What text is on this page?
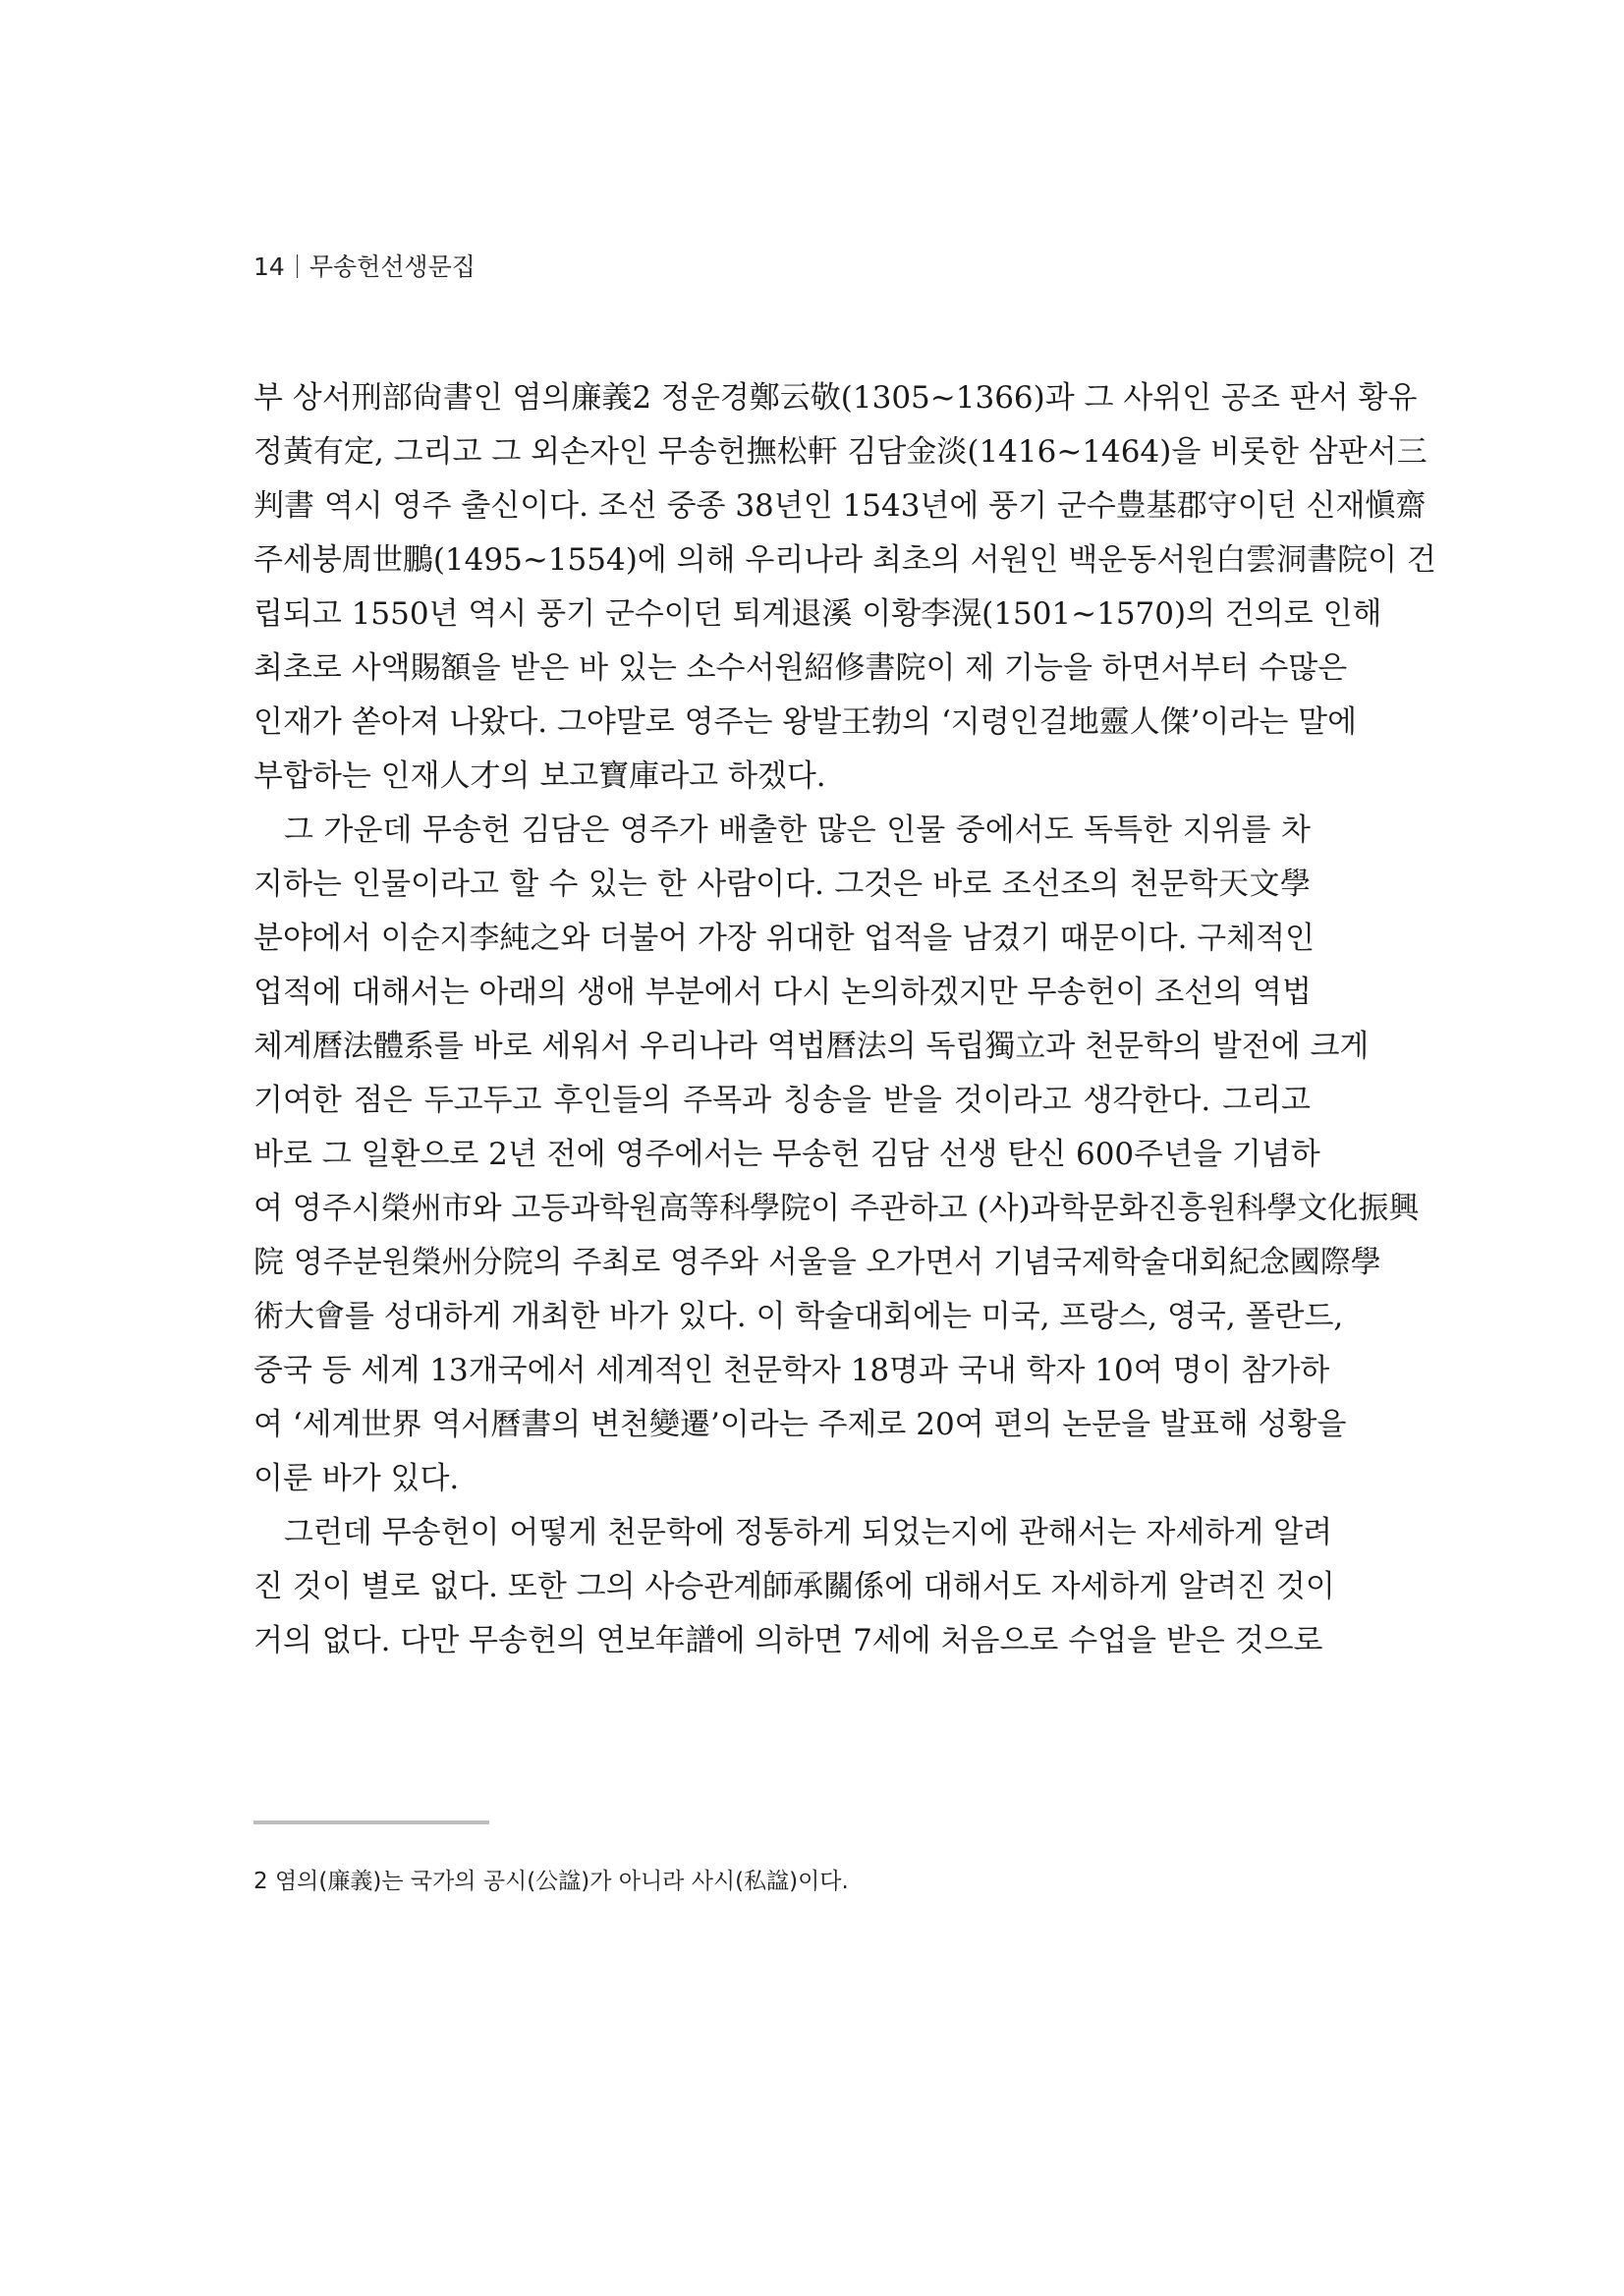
14 무송헌선생문집
부 상서刑部尙書인 염의廉義2 정운경鄭云敬(1305~1366)과 그 사위인 공조 판서 황유
정黃有定, 그리고 그 외손자인 무송헌撫松軒 김담金淡(1416~1464)을 비롯한 삼판서三
判書 역시 영주 출신이다. 조선 중종 38년인 1543년에 풍기 군수豊基郡守이던 신재愼齋
주세붕周世鵬(1495~1554)에 의해 우리나라 최초의 서원인 백운동서원白雲洞書院이 건
립되고 1550년 역시 풍기 군수이던 퇴계退溪 이황李滉(1501~1570)의 건의로 인해
최초로 사액賜額을 받은 바 있는 소수서원紹修書院이 제 기능을 하면서부터 수많은
인재가 쏟아져 나왔다. 그야말로 영주는 왕발王勃의 ‘지령인걸地靈人傑’이라는 말에
부합하는 인재人才의 보고寶庫라고 하겠다.
그 가운데 무송헌 김담은 영주가 배출한 많은 인물 중에서도 독특한 지위를 차
지하는 인물이라고 할 수 있는 한 사람이다. 그것은 바로 조선조의 천문학天文學
분야에서 이순지李純之와 더불어 가장 위대한 업적을 남겼기 때문이다. 구체적인
업적에 대해서는 아래의 생애 부분에서 다시 논의하겠지만 무송헌이 조선의 역법
체계曆法體系를 바로 세워서 우리나라 역법曆法의 독립獨立과 천문학의 발전에 크게
기여한 점은 두고두고 후인들의 주목과 칭송을 받을 것이라고 생각한다. 그리고
바로 그 일환으로 2년 전에 영주에서는 무송헌 김담 선생 탄신 600주년을 기념하
여 영주시榮州市와 고등과학원高等科學院이 주관하고 (사)과학문화진흥원科學文化振興
院 영주분원榮州分院의 주최로 영주와 서울을 오가면서 기념국제학술대회紀念國際學
術大會를 성대하게 개최한 바가 있다. 이 학술대회에는 미국, 프랑스, 영국, 폴란드,
중국 등 세계 13개국에서 세계적인 천문학자 18명과 국내 학자 10여 명이 참가하
여 ‘세계世界 역서曆書의 변천變遷’이라는 주제로 20여 편의 논문을 발표해 성황을
이룬 바가 있다.
그런데 무송헌이 어떻게 천문학에 정통하게 되었는지에 관해서는 자세하게 알려
진 것이 별로 없다. 또한 그의 사승관계師承關係에 대해서도 자세하게 알려진 것이
거의 없다. 다만 무송헌의 연보年譜에 의하면 7세에 처음으로 수업을 받은 것으로
2 염의(廉義)는 국가의 공시(公諡)가 아니라 사시(私諡)이다.
